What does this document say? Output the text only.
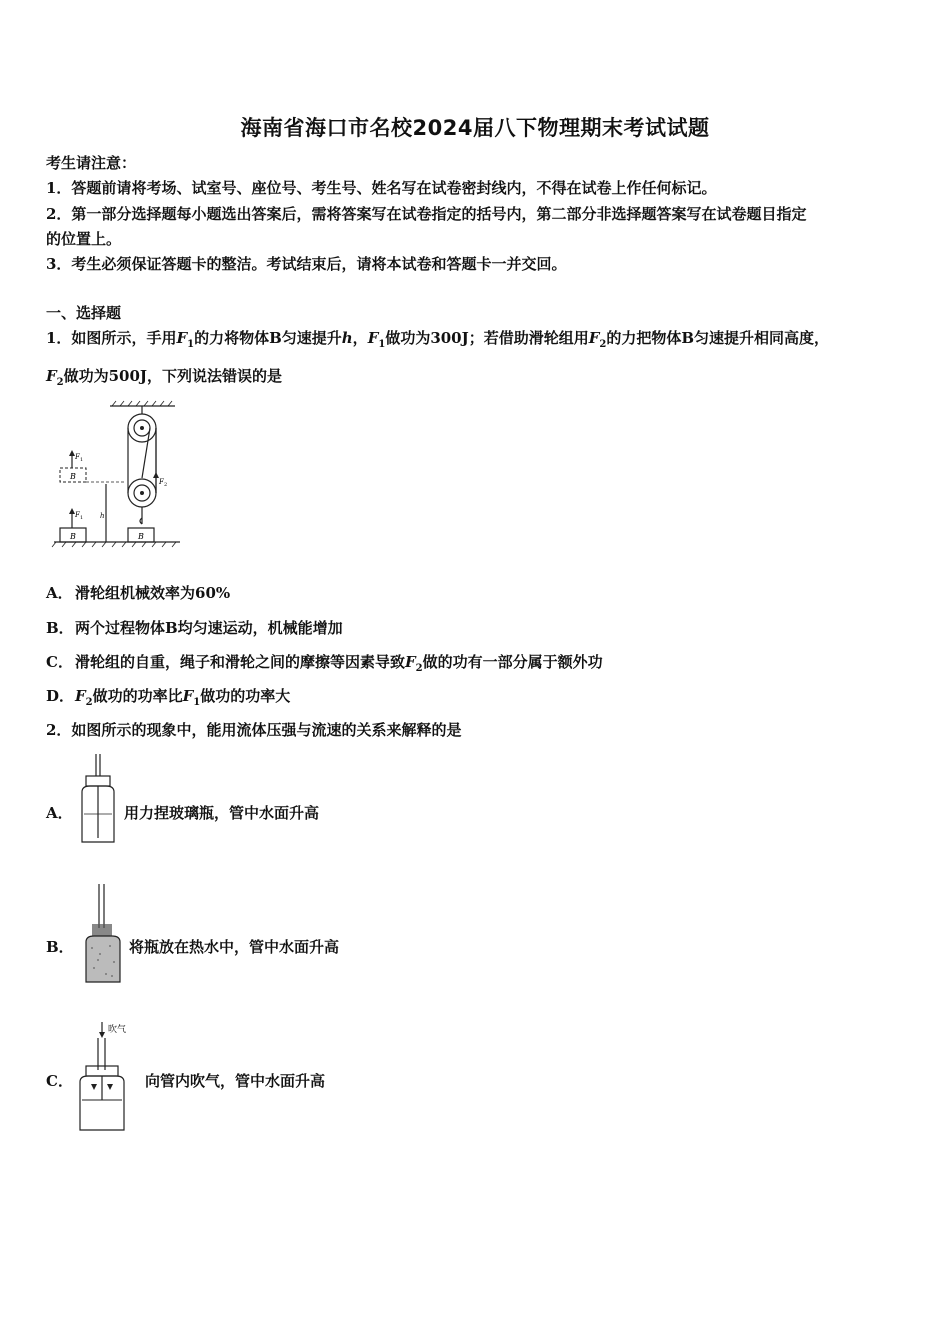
海南省海口市名校2024届八下物理期末考试试题
考生请注意：
1．答题前请将考场、试室号、座位号、考生号、姓名写在试卷密封线内，不得在试卷上作任何标记。
2．第一部分选择题每小题选出答案后，需将答案写在试卷指定的括号内，第二部分非选择题答案写在试卷题目指定
的位置上。
3．考生必须保证答题卡的整洁。考试结束后，请将本试卷和答题卡一并交回。
一、选择题
1．如图所示，手用$F_1$的力将物体B匀速提升h，$F_1$做功为300J；若借助滑轮组用$F_2$的力把物体B匀速提升相同高度，
$F_2$做功为500J，下列说法错误的是
F 2
B
B
F 1
B
F 1
h
A． 滑轮组机械效率为60%
B． 两个过程物体B均匀速运动，机械能增加
C． 滑轮组的自重，绳子和滑轮之间的摩擦等因素导致$F_2$做的功有一部分属于额外功
D． $F_2$做功的功率比$F_1$做功的功率大
2．如图所示的现象中，能用流体压强与流速的关系来解释的是
A．	用力捏玻璃瓶，管中水面升高
B．	将瓶放在热水中，管中水面升高
C．
吹气
向管内吹气，管中水面升高
